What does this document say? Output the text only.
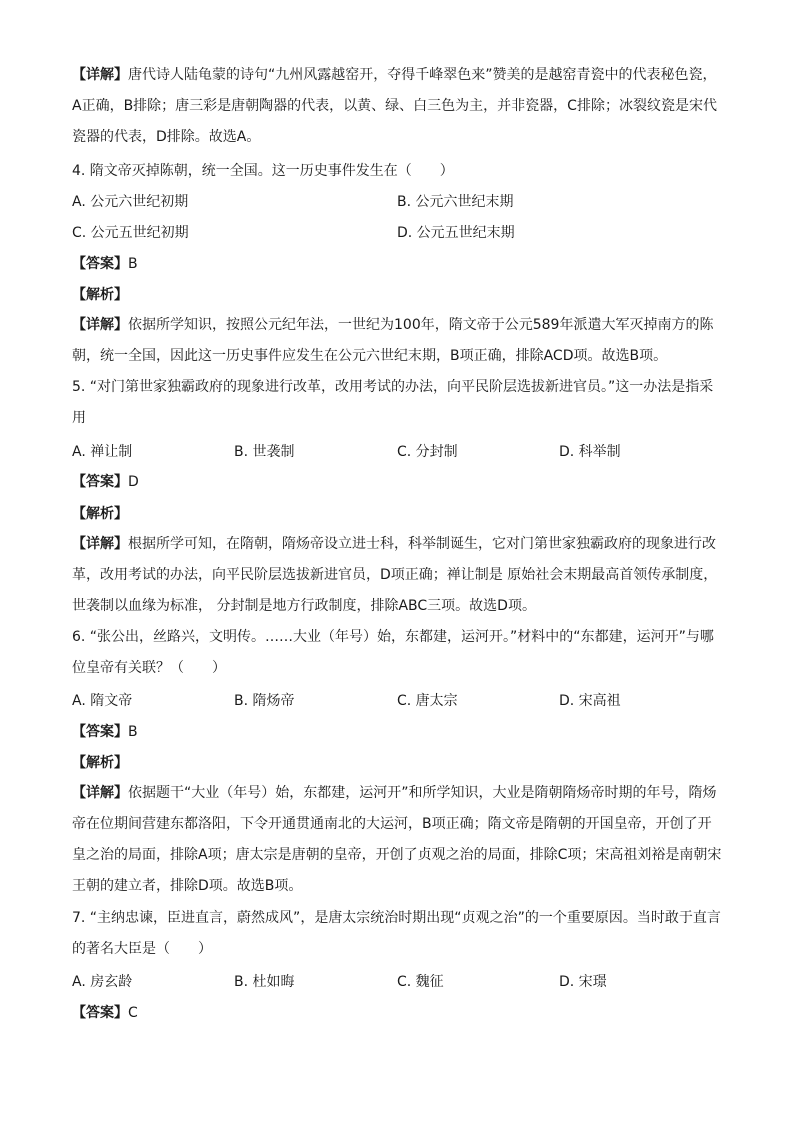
【详解】唐代诗人陆龟蒙的诗句“九州风露越窑开，夺得千峰翠色来”赞美的是越窑青瓷中的代表秘色瓷，A正确，B排除；唐三彩是唐朝陶器的代表，以黄、绿、白三色为主，并非瓷器，C排除；冰裂纹瓷是宋代瓷器的代表，D排除。故选A。
4. 隋文帝灭掉陈朝，统一全国。这一历史事件发生在（　　）
A. 公元六世纪初期	B. 公元六世纪末期
C. 公元五世纪初期	D. 公元五世纪末期
【答案】B
【解析】
【详解】依据所学知识，按照公元纪年法，一世纪为100年，隋文帝于公元589年派遣大军灭掉南方的陈朝，统一全国，因此这一历史事件应发生在公元六世纪末期，B项正确，排除ACD项。故选B项。
5. “对门第世家独霸政府的现象进行改革，改用考试的办法，向平民阶层选拔新进官员。”这一办法是指采用
A. 禅让制	B. 世袭制	C. 分封制	D. 科举制
【答案】D
【解析】
【详解】根据所学可知，在隋朝，隋炀帝设立进士科，科举制诞生，它对门第世家独霸政府的现象进行改革，改用考试的办法，向平民阶层选拔新进官员，D项正确；禅让制是 原始社会末期最高首领传承制度， 世袭制以血缘为标准， 分封制是地方行政制度，排除ABC三项。故选D项。
6. “张公出，丝路兴，文明传。……大业（年号）始，东都建，运河开。”材料中的“东都建，运河开”与哪位皇帝有关联？（　　）
A. 隋文帝	B. 隋炀帝	C. 唐太宗	D. 宋高祖
【答案】B
【解析】
【详解】依据题干“大业（年号）始，东都建，运河开”和所学知识，大业是隋朝隋炀帝时期的年号，隋炀帝在位期间营建东都洛阳，下令开通贯通南北的大运河，B项正确；隋文帝是隋朝的开国皇帝，开创了开皇之治的局面，排除A项；唐太宗是唐朝的皇帝，开创了贞观之治的局面，排除C项；宋高祖刘裕是南朝宋王朝的建立者，排除D项。故选B项。
7. “主纳忠谏，臣进直言，蔚然成风”，是唐太宗统治时期出现“贞观之治”的一个重要原因。当时敢于直言的著名大臣是（　　）
A. 房玄龄	B. 杜如晦	C. 魏征	D. 宋璟
【答案】C
